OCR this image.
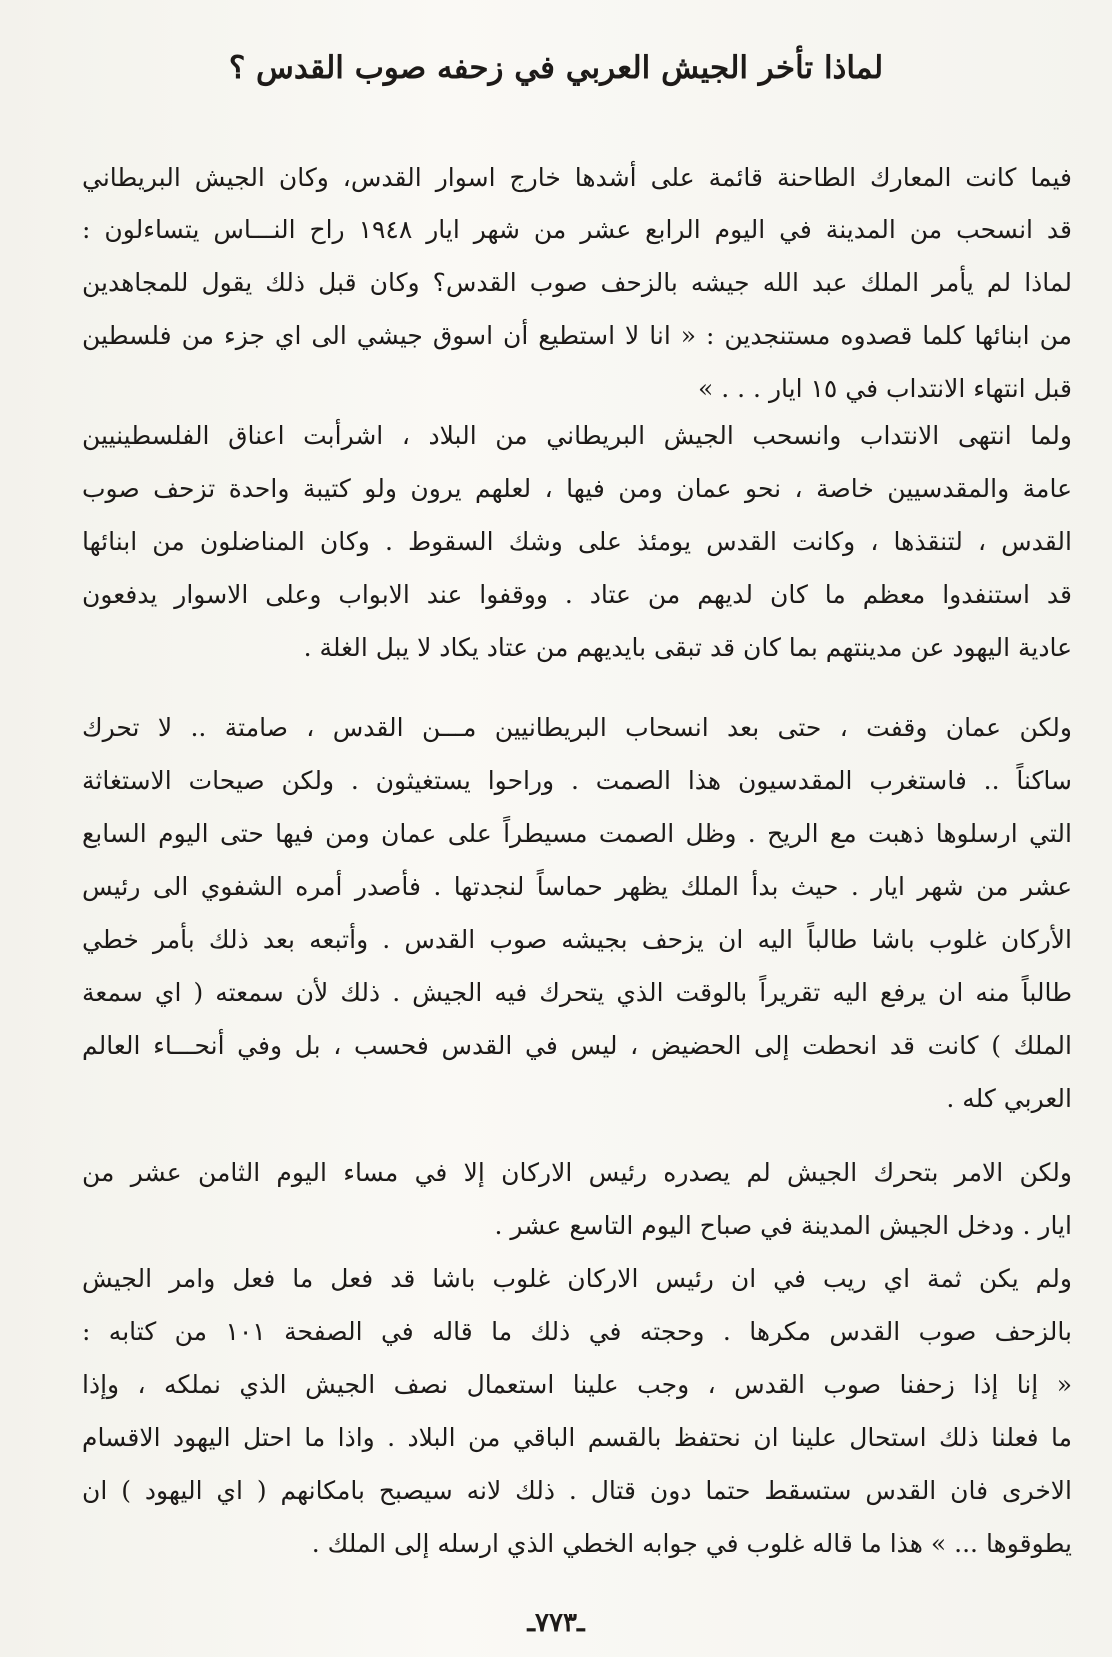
لماذا تأخر الجيش العربي في زحفه صوب القدس ؟
فيما كانت المعارك الطاحنة قائمة على أشدها خارج اسوار القدس، وكان الجيش البريطاني
قد انسحب من المدينة في اليوم الرابع عشر من شهر ايار ١٩٤٨ راح النـــاس يتساءلون :
لماذا لم يأمر الملك عبد الله جيشه بالزحف صوب القدس؟ وكان قبل ذلك يقول للمجاهدين
من ابنائها كلما قصدوه مستنجدين : « انا لا استطيع أن اسوق جيشي الى اي جزء من فلسطين
قبل انتهاء الانتداب في ١٥ ايار . . . »
ولما انتهى الانتداب وانسحب الجيش البريطاني من البلاد ، اشرأبت اعناق الفلسطينيين
عامة والمقدسيين خاصة ، نحو عمان ومن فيها ، لعلهم يرون ولو كتيبة واحدة تزحف صوب
القدس ، لتنقذها ، وكانت القدس يومئذ على وشك السقوط . وكان المناضلون من ابنائها
قد استنفدوا معظم ما كان لديهم من عتاد . ووقفوا عند الابواب وعلى الاسوار يدفعون
عادية اليهود عن مدينتهم بما كان قد تبقى بايديهم من عتاد يكاد لا يبل الغلة .
ولكن عمان وقفت ، حتى بعد انسحاب البريطانيين مـــن القدس ، صامتة .. لا تحرك
ساكناً .. فاستغرب المقدسيون هذا الصمت . وراحوا يستغيثون . ولكن صيحات الاستغاثة
التي ارسلوها ذهبت مع الريح . وظل الصمت مسيطراً على عمان ومن فيها حتى اليوم السابع
عشر من شهر ايار . حيث بدأ الملك يظهر حماساً لنجدتها . فأصدر أمره الشفوي الى رئيس
الأركان غلوب باشا طالباً اليه ان يزحف بجيشه صوب القدس . وأتبعه بعد ذلك بأمر خطي
طالباً منه ان يرفع اليه تقريراً بالوقت الذي يتحرك فيه الجيش . ذلك لأن سمعته ( اي سمعة
الملك ) كانت قد انحطت إلى الحضيض ، ليس في القدس فحسب ، بل وفي أنحـــاء العالم
العربي كله .
ولكن الامر بتحرك الجيش لم يصدره رئيس الاركان إلا في مساء اليوم الثامن عشر من
ايار . ودخل الجيش المدينة في صباح اليوم التاسع عشر .
ولم يكن ثمة اي ريب في ان رئيس الاركان غلوب باشا قد فعل ما فعل وامر الجيش
بالزحف صوب القدس مكرها . وحجته في ذلك ما قاله في الصفحة ١٠١ من كتابه :
« إنا إذا زحفنا صوب القدس ، وجب علينا استعمال نصف الجيش الذي نملكه ، وإذا
ما فعلنا ذلك استحال علينا ان نحتفظ بالقسم الباقي من البلاد . واذا ما احتل اليهود الاقسام
الاخرى فان القدس ستسقط حتما دون قتال . ذلك لانه سيصبح بامكانهم ( اي اليهود ) ان
يطوقوها ... » هذا ما قاله غلوب في جوابه الخطي الذي ارسله إلى الملك .
ـ٧٧٣ـ
